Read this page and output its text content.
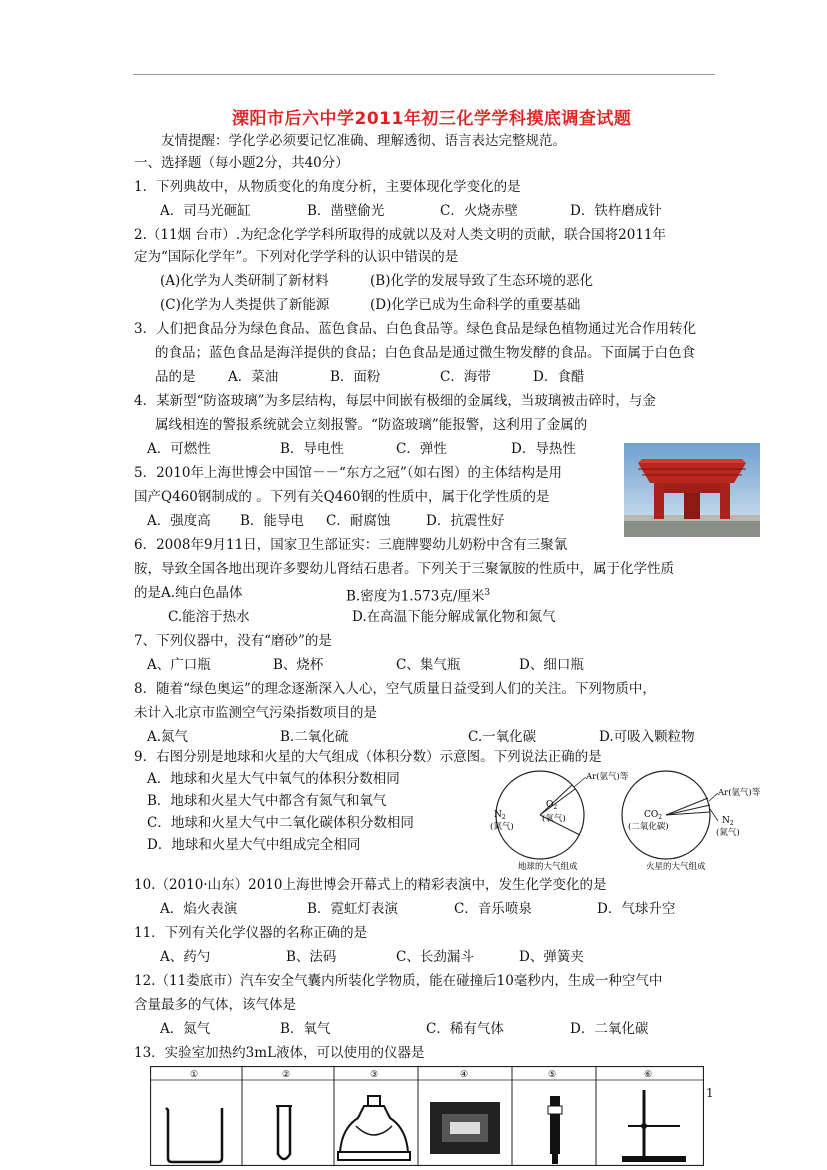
溧阳市后六中学2011年初三化学学科摸底调查试题
友情提醒：学化学必须要记忆准确、理解透彻、语言表达完整规范。
一、选择题（每小题2分，共40分）
1．下列典故中，从物质变化的角度分析，主要体现化学变化的是
A．司马光砸缸	B．凿壁偷光	C．火烧赤壁	D．铁杵磨成针
2.（11烟 台市）.为纪念化学学科所取得的成就以及对人类文明的贡献，联合国将2011年
定为“国际化学年”。下列对化学学科的认识中错误的是
(A)化学为人类研制了新材料	(B)化学的发展导致了生态环境的恶化
(C)化学为人类提供了新能源	(D)化学已成为生命科学的重要基础
3．人们把食品分为绿色食品、蓝色食品、白色食品等。绿色食品是绿色植物通过光合作用转化
的食品；蓝色食品是海洋提供的食品；白色食品是通过微生物发酵的食品。下面属于白色食
品的是 A．菜油	B．面粉	C．海带	D．食醋
4．某新型“防盗玻璃”为多层结构，每层中间嵌有极细的金属线，当玻璃被击碎时，与金
属线相连的警报系统就会立刻报警。“防盗玻璃”能报警，这利用了金属的
A．可燃性	B．导电性	C．弹性	D．导热性
5．2010年上海世博会中国馆－－“东方之冠”（如右图）的主体结构是用
国产Q460钢制成的 。下列有关Q460钢的性质中，属于化学性质的是
A．强度高 B．能导电 C．耐腐蚀	D．抗震性好
6．2008年9月11日，国家卫生部证实：三鹿牌婴幼儿奶粉中含有三聚氰
胺，导致全国各地出现许多婴幼儿肾结石患者。下列关于三聚氰胺的性质中，属于化学性质
的是A.纯白色晶体	B.密度为1.573克/厘米$^3$
C.能溶于热水	D.在高温下能分解成氰化物和氮气
7、下列仪器中，没有“磨砂”的是
A、广口瓶	B、烧杯	C、集气瓶	D、细口瓶
8．随着“绿色奥运”的理念逐渐深入人心，空气质量日益受到人们的关注。下列物质中，
未计入北京市监测空气污染指数项目的是
A.氮气	B.二氧化硫	C.一氧化碳	D.可吸入颗粒物
9．右图分别是地球和火星的大气组成（体积分数）示意图。下列说法正确的是
A．地球和火星大气中氧气的体积分数相同
B．地球和火星大气中都含有氮气和氧气
C．地球和火星大气中二氧化碳体积分数相同
D．地球和火星大气中组成完全相同
$N_2$
(氮气)
$O_2$
(氧气)
Ar(氩气)等
地球的大气组成
$CO_2$
(二氧化碳)
Ar(氩气)等
$N_2$
(氮气)
火星的大气组成
10.（2010·山东）2010上海世博会开幕式上的精彩表演中，发生化学变化的是
A．焰火表演	B．霓虹灯表演	C．音乐喷泉	D．气球升空
11．下列有关化学仪器的名称正确的是
A、药勺	B、法码	C、长劲漏斗	D、弹簧夹
12.（11娄底市）汽车安全气囊内所装化学物质，能在碰撞后10毫秒内，生成一种空气中
含量最多的气体，该气体是
A．氮气	B．氧气	C．稀有气体	D．二氧化碳
13．实验室加热约3mL液体，可以使用的仪器是
①	②	③	④	⑤	⑥
1
